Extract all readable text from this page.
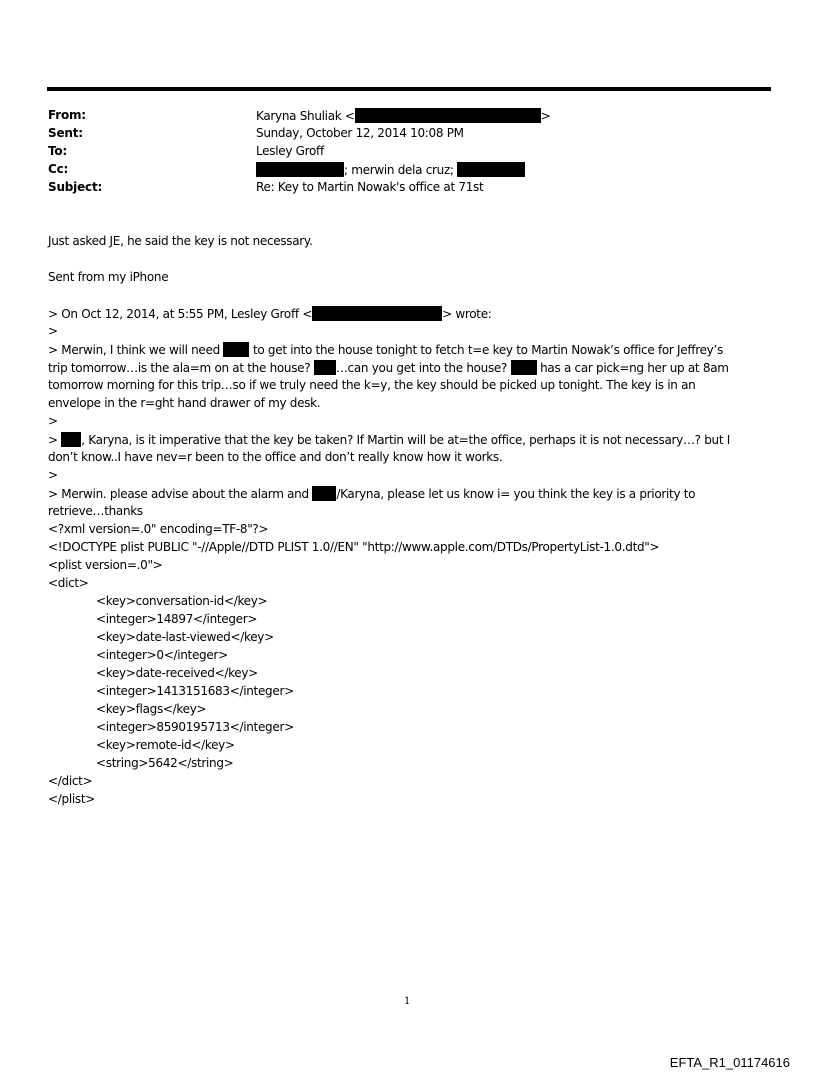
From:	Karyna Shuliak <	>
Sent:	Sunday, October 12, 2014 10:08 PM
To:	Lesley Groff
Cc:	; merwin dela cruz;
Subject:	Re: Key to Martin Nowak's office at 71st
Just asked JE, he said the key is not necessary.
Sent from my iPhone
> On Oct 12, 2014, at 5:55 PM, Lesley Groff <	> wrote:
>
> Merwin, I think we will need	to get into the house tonight to fetch t=e key to Martin Nowak’s office for Jeffrey’s
trip tomorrow…is the ala=m on at the house? …can you get into the house?	has a car pick=ng her up at 8am
tomorrow morning for this trip…so if we truly need the k=y, the key should be picked up tonight. The key is in an
envelope in the r=ght hand drawer of my desk.
>
> , Karyna, is it imperative that the key be taken? If Martin will be at=the office, perhaps it is not necessary…? but I
don’t know..I have nev=r been to the office and don’t really know how it works.
>
> Merwin. please advise about the alarm and /Karyna, please let us know i= you think the key is a priority to
retrieve…thanks
<?xml version=.0" encoding=TF-8"?>
<!DOCTYPE plist PUBLIC "-//Apple//DTD PLIST 1.0//EN" "http://www.apple.com/DTDs/PropertyList-1.0.dtd">
<plist version=.0">
<dict>
<key>conversation-id</key>
<integer>14897</integer>
<key>date-last-viewed</key>
<integer>0</integer>
<key>date-received</key>
<integer>1413151683</integer>
<key>flags</key>
<integer>8590195713</integer>
<key>remote-id</key>
<string>5642</string>
</dict>
</plist>
1
EFTA_R1_01174616
